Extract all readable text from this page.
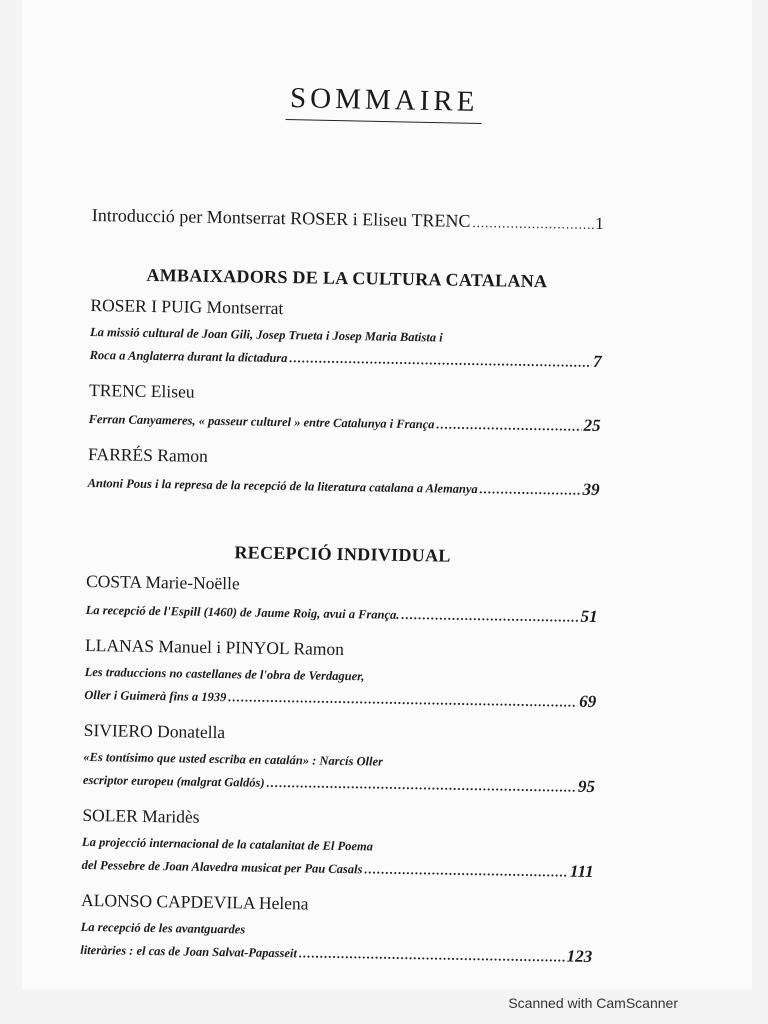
SOMMAIRE
Introducció per Montserrat ROSER i Eliseu TRENC .....	1
AMBAIXADORS DE LA CULTURA CATALANA
ROSER I PUIG Montserrat
La missió cultural de Joan Gili, Josep Trueta i Josep Maria Batista i
Roca a Anglaterra durant la dictadura .....	7
TRENC Eliseu
Ferran Canyameres, « passeur culturel » entre Catalunya i França .....	25
FARRÉS Ramon
Antoni Pous i la represa de la recepció de la literatura catalana a Alemanya .....	39
RECEPCIÓ INDIVIDUAL
COSTA Marie-Noëlle
La recepció de l'Espill (1460) de Jaume Roig, avui a França. .....	51
LLANAS Manuel i PINYOL Ramon
Les traduccions no castellanes de l'obra de Verdaguer,
Oller i Guimerà fins a 1939 .....	69
SIVIERO Donatella
«Es tontísimo que usted escriba en catalán» : Narcís Oller
escriptor europeu (malgrat Galdós) .....	95
SOLER Maridès
La projecció internacional de la catalanitat de El Poema
del Pessebre de Joan Alavedra musicat per Pau Casals .....	111
ALONSO CAPDEVILA Helena
La recepció de les avantguardes
literàries : el cas de Joan Salvat-Papasseit .....	123
Scanned with CamScanner
